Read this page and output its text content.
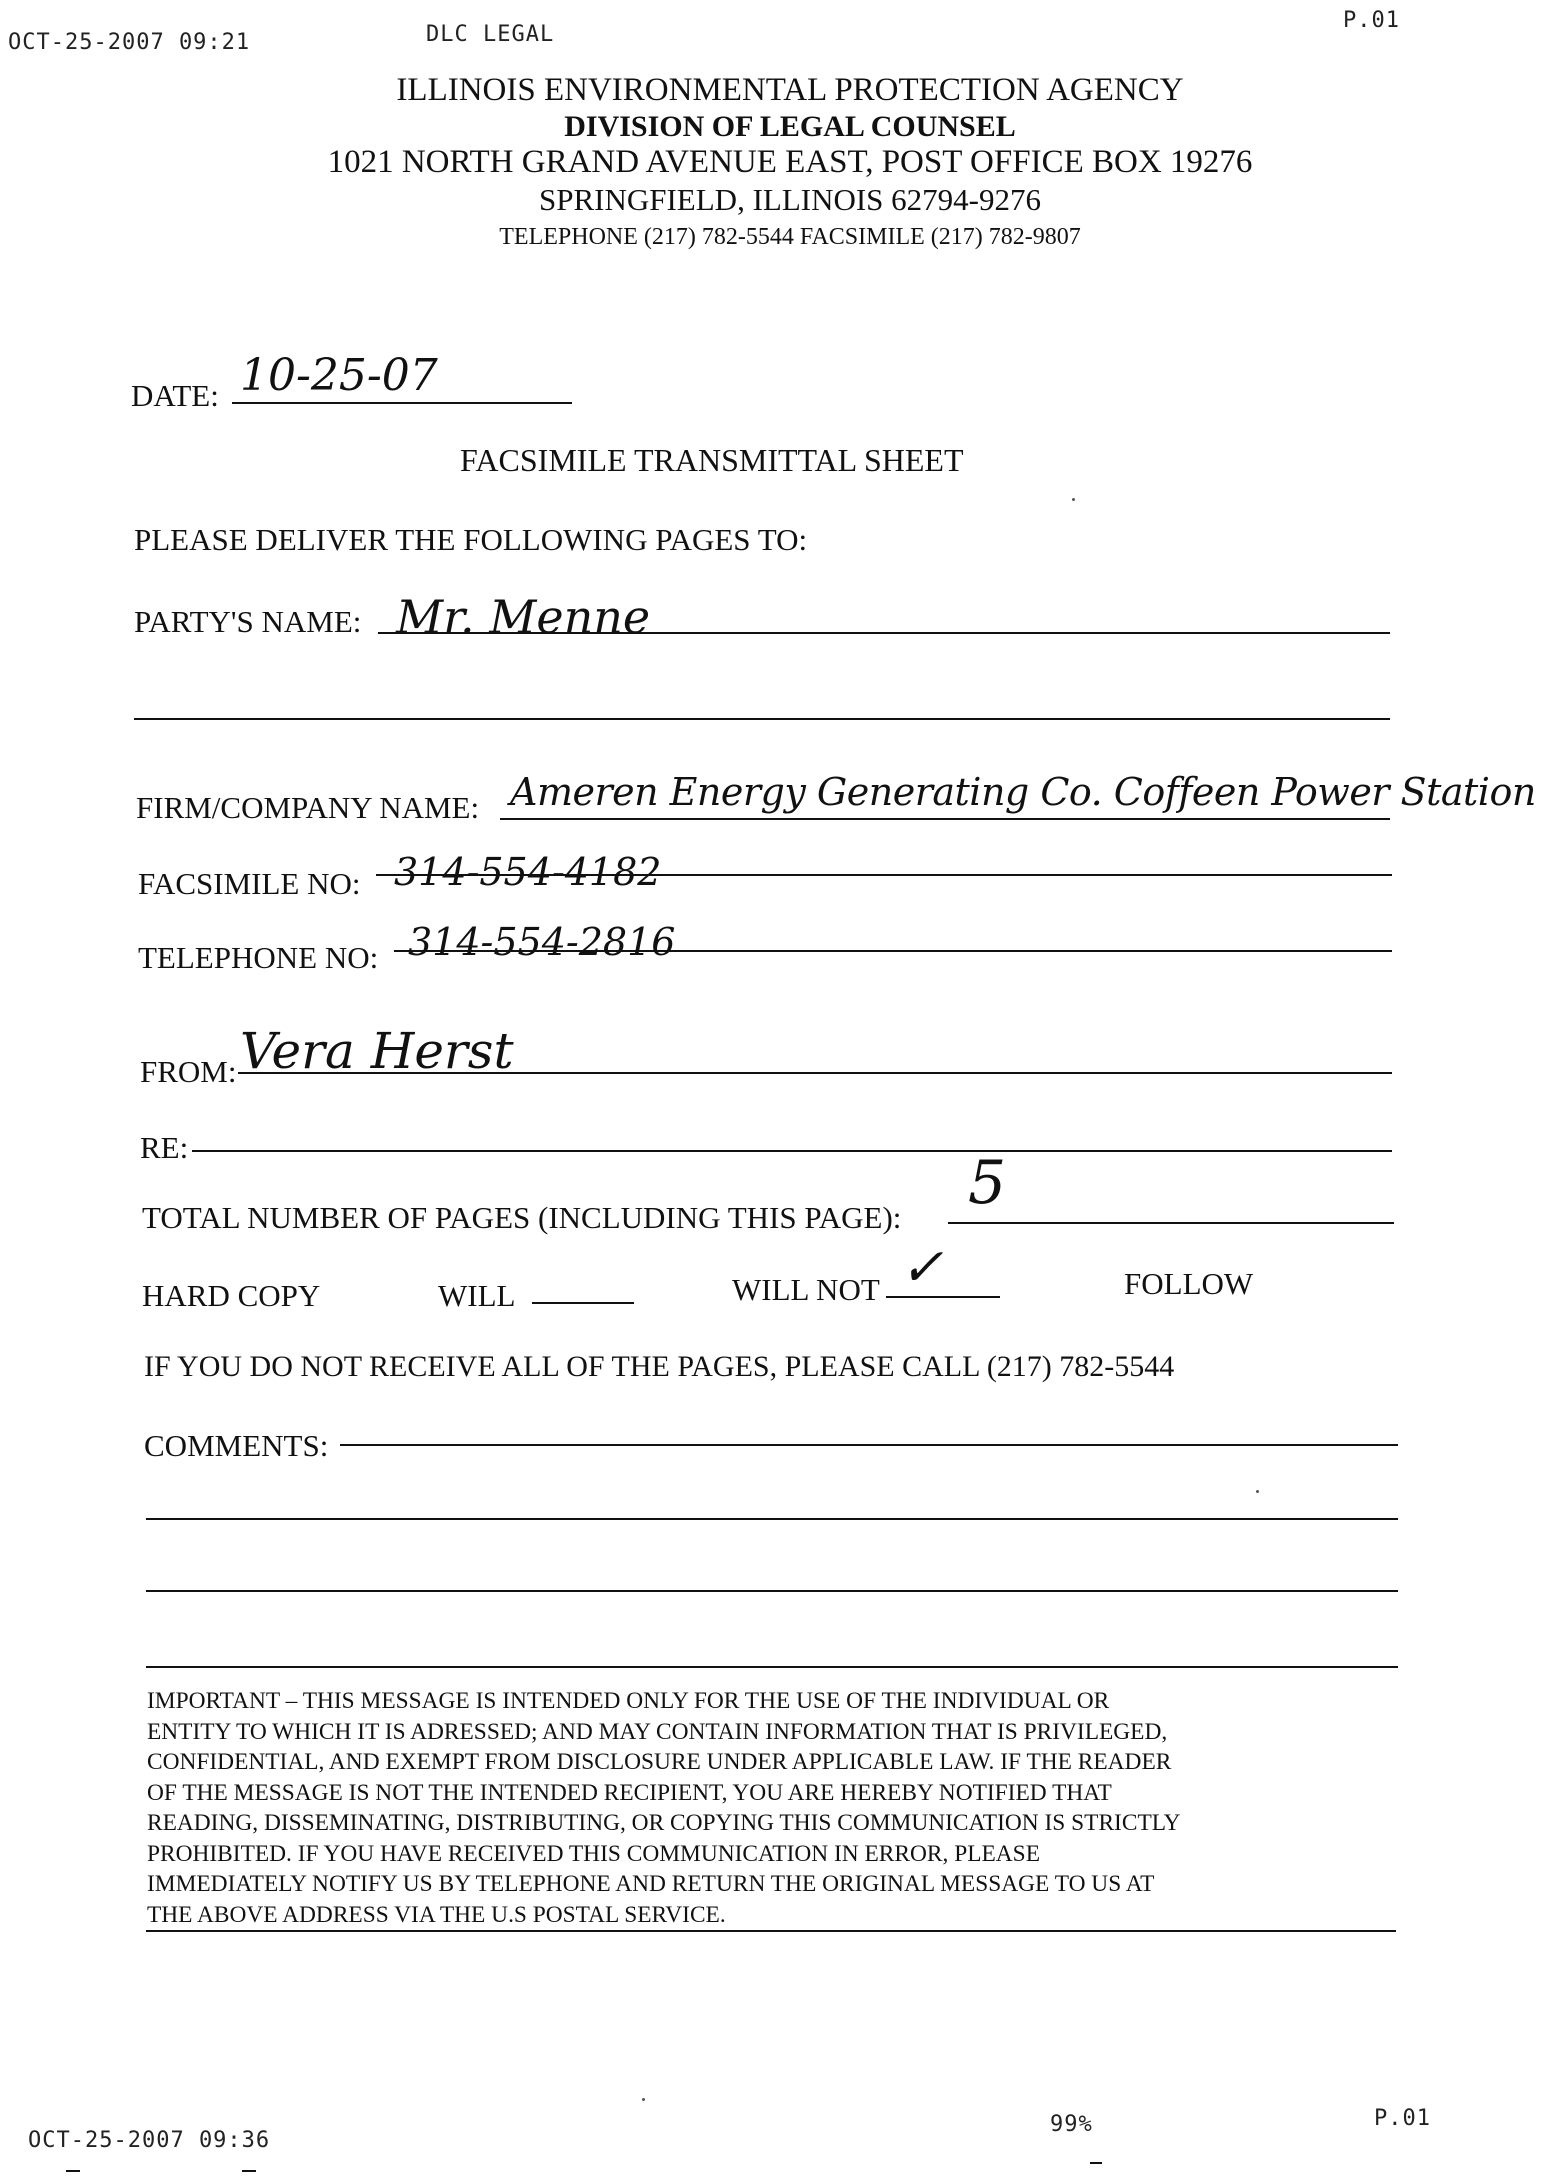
OCT-25-2007 09:21	DLC LEGAL
P.01
ILLINOIS ENVIRONMENTAL PROTECTION AGENCY
DIVISION OF LEGAL COUNSEL
1021 NORTH GRAND AVENUE EAST, POST OFFICE BOX 19276
SPRINGFIELD, ILLINOIS 62794-9276
TELEPHONE (217) 782-5544 FACSIMILE (217) 782-9807
DATE: 10-25-07
FACSIMILE TRANSMITTAL SHEET
PLEASE DELIVER THE FOLLOWING PAGES TO:
PARTY'S NAME: Mr. Menne
FIRM/COMPANY NAME: Ameren Energy Generating Co. Coffeen Power Station
FACSIMILE NO: 314-554-4182
TELEPHONE NO: 314-554-2816
FROM: Vera Herst
RE:
TOTAL NUMBER OF PAGES (INCLUDING THIS PAGE): 5
HARD COPY	WILL	WILL NOT ✓	FOLLOW
IF YOU DO NOT RECEIVE ALL OF THE PAGES, PLEASE CALL (217) 782-5544
COMMENTS:
IMPORTANT – THIS MESSAGE IS INTENDED ONLY FOR THE USE OF THE INDIVIDUAL OR
ENTITY TO WHICH IT IS ADRESSED; AND MAY CONTAIN INFORMATION THAT IS PRIVILEGED,
CONFIDENTIAL, AND EXEMPT FROM DISCLOSURE UNDER APPLICABLE LAW. IF THE READER
OF THE MESSAGE IS NOT THE INTENDED RECIPIENT, YOU ARE HEREBY NOTIFIED THAT
READING, DISSEMINATING, DISTRIBUTING, OR COPYING THIS COMMUNICATION IS STRICTLY
PROHIBITED. IF YOU HAVE RECEIVED THIS COMMUNICATION IN ERROR, PLEASE
IMMEDIATELY NOTIFY US BY TELEPHONE AND RETURN THE ORIGINAL MESSAGE TO US AT
THE ABOVE ADDRESS VIA THE U.S POSTAL SERVICE.
OCT-25-2007 09:36
99%	P.01
